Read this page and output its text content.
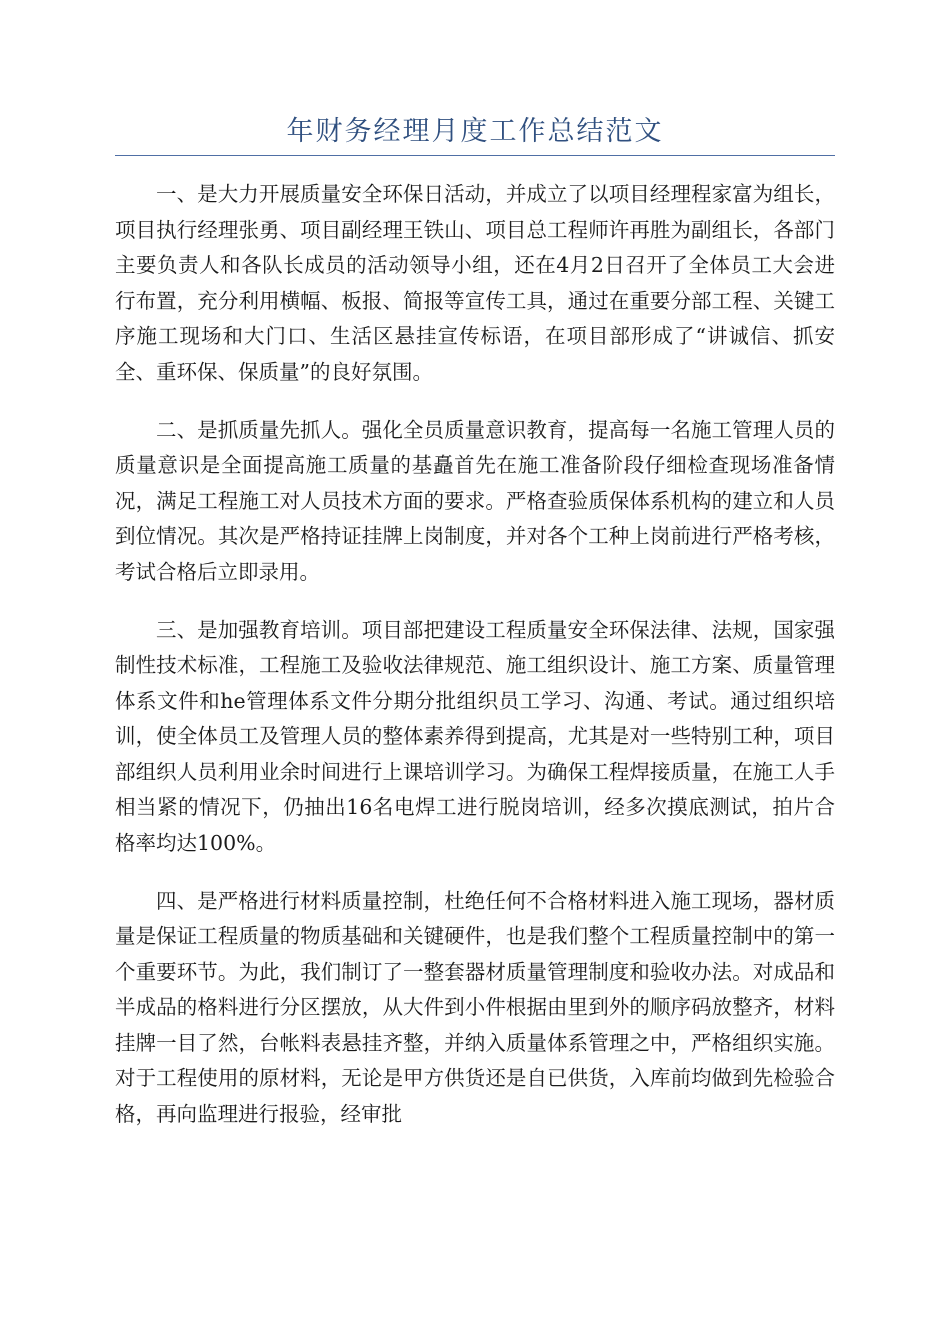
年财务经理月度工作总结范文

一、是大力开展质量安全环保日活动，并成立了以项目经理程家富为组长，项目执行经理张勇、项目副经理王铁山、项目总工程师许再胜为副组长，各部门主要负责人和各队长成员的活动领导小组，还在4月2日召开了全体员工大会进行布置，充分利用横幅、板报、简报等宣传工具，通过在重要分部工程、关键工序施工现场和大门口、生活区悬挂宣传标语，在项目部形成了“讲诚信、抓安全、重环保、保质量”的良好氛围。

二、是抓质量先抓人。强化全员质量意识教育，提高每一名施工管理人员的质量意识是全面提高施工质量的基矗首先在施工准备阶段仔细检查现场准备情况，满足工程施工对人员技术方面的要求。严格查验质保体系机构的建立和人员到位情况。其次是严格持证挂牌上岗制度，并对各个工种上岗前进行严格考核，考试合格后立即录用。

三、是加强教育培训。项目部把建设工程质量安全环保法律、法规，国家强制性技术标准，工程施工及验收法律规范、施工组织设计、施工方案、质量管理体系文件和he管理体系文件分期分批组织员工学习、沟通、考试。通过组织培训，使全体员工及管理人员的整体素养得到提高，尤其是对一些特别工种，项目部组织人员利用业余时间进行上课培训学习。为确保工程焊接质量，在施工人手相当紧的情况下，仍抽出16名电焊工进行脱岗培训，经多次摸底测试，拍片合格率均达100%。

四、是严格进行材料质量控制，杜绝任何不合格材料进入施工现场，器材质量是保证工程质量的物质基础和关键硬件，也是我们整个工程质量控制中的第一个重要环节。为此，我们制订了一整套器材质量管理制度和验收办法。对成品和半成品的格料进行分区摆放，从大件到小件根据由里到外的顺序码放整齐，材料挂牌一目了然，台帐料表悬挂齐整，并纳入质量体系管理之中，严格组织实施。对于工程使用的原材料，无论是甲方供货还是自已供货，入库前均做到先检验合格，再向监理进行报验，经审批
